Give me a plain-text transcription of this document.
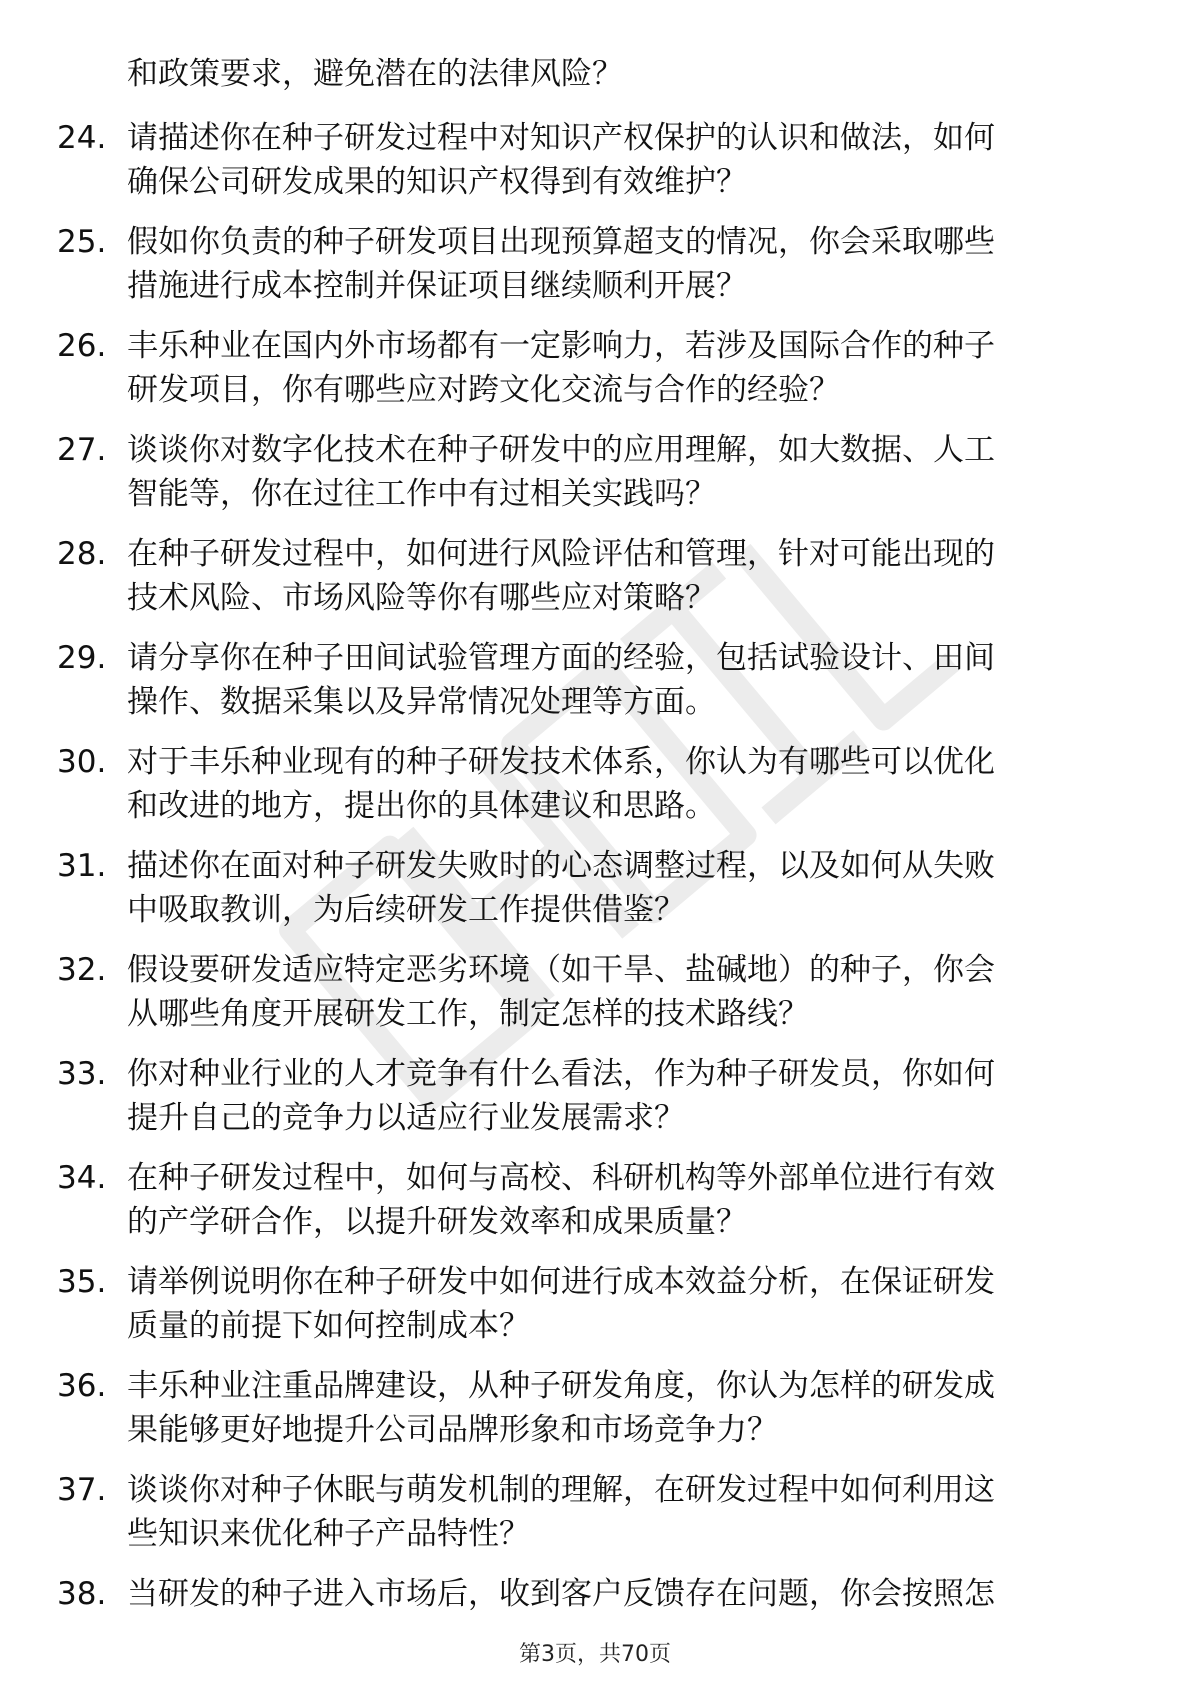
和政策要求，避免潜在的法律风险？
24. 请描述你在种子研发过程中对知识产权保护的认识和做法，如何
确保公司研发成果的知识产权得到有效维护？
25. 假如你负责的种子研发项目出现预算超支的情况，你会采取哪些
措施进行成本控制并保证项目继续顺利开展？
26. 丰乐种业在国内外市场都有一定影响力，若涉及国际合作的种子
研发项目，你有哪些应对跨文化交流与合作的经验？
27. 谈谈你对数字化技术在种子研发中的应用理解，如大数据、人工
智能等，你在过往工作中有过相关实践吗？
28. 在种子研发过程中，如何进行风险评估和管理，针对可能出现的
技术风险、市场风险等你有哪些应对策略？
29. 请分享你在种子田间试验管理方面的经验，包括试验设计、田间
操作、数据采集以及异常情况处理等方面。
30. 对于丰乐种业现有的种子研发技术体系，你认为有哪些可以优化
和改进的地方，提出你的具体建议和思路。
31. 描述你在面对种子研发失败时的心态调整过程，以及如何从失败
中吸取教训，为后续研发工作提供借鉴？
32. 假设要研发适应特定恶劣环境（如干旱、盐碱地）的种子，你会
从哪些角度开展研发工作，制定怎样的技术路线？
33. 你对种业行业的人才竞争有什么看法，作为种子研发员，你如何
提升自己的竞争力以适应行业发展需求？
34. 在种子研发过程中，如何与高校、科研机构等外部单位进行有效
的产学研合作，以提升研发效率和成果质量？
35. 请举例说明你在种子研发中如何进行成本效益分析，在保证研发
质量的前提下如何控制成本？
36. 丰乐种业注重品牌建设，从种子研发角度，你认为怎样的研发成
果能够更好地提升公司品牌形象和市场竞争力？
37. 谈谈你对种子休眠与萌发机制的理解，在研发过程中如何利用这
些知识来优化种子产品特性？
38. 当研发的种子进入市场后，收到客户反馈存在问题，你会按照怎
第3页，共70页
